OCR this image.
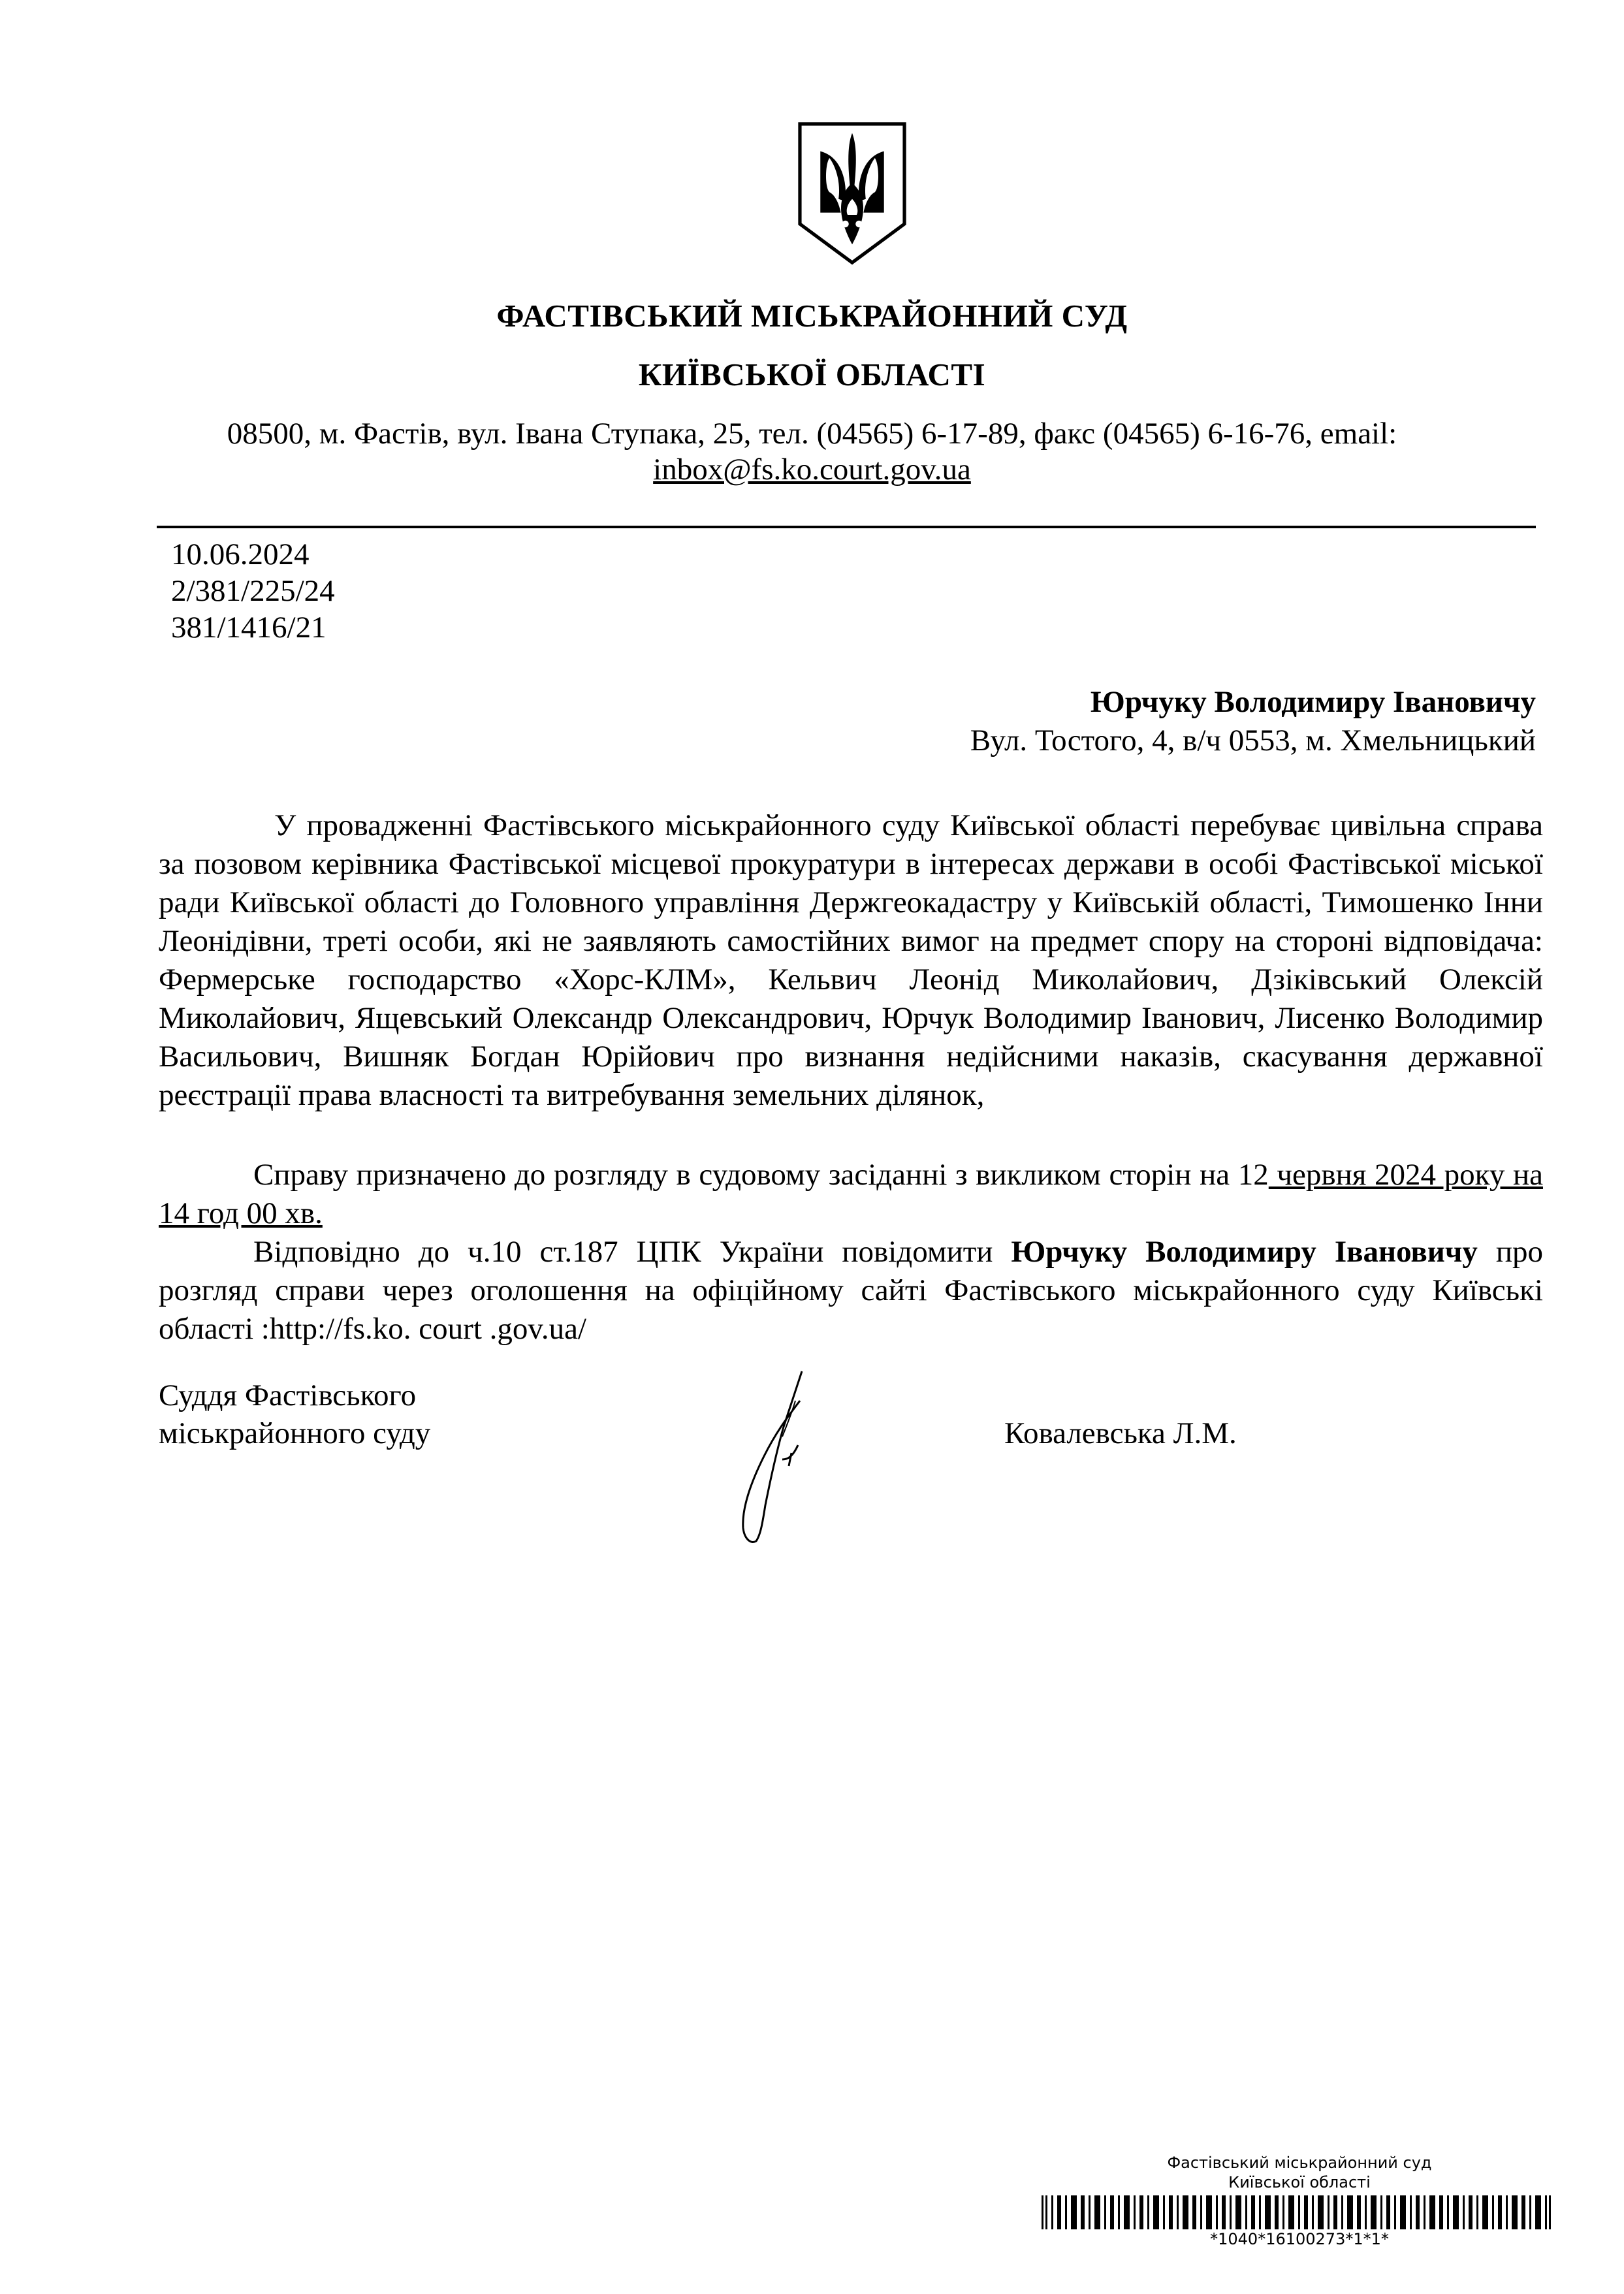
ФАСТІВСЬКИЙ МІСЬКРАЙОННИЙ СУД
КИЇВСЬКОЇ ОБЛАСТІ
08500, м. Фастів, вул. Івана Ступака, 25, тел. (04565) 6-17-89, факс (04565) 6-16-76, email:
inbox@fs.ko.court.gov.ua
10.06.2024
2/381/225/24
381/1416/21
Юрчуку Володимиру Івановичу
Вул. Тостого, 4, в/ч 0553, м. Хмельницький
У провадженні Фастівського міськрайонного суду Київської області перебуває цивільна справа за позовом керівника Фастівської місцевої прокуратури в інтересах держави в особі Фастівської міської ради Київської області до Головного управління Держгеокадастру у Київській області, Тимошенко Інни Леонідівни, треті особи, які не заявляють самостійних вимог на предмет спору на стороні відповідача: Фермерське господарство «Хорс-КЛМ», Кельвич Леонід Миколайович, Дзіківський Олексій Миколайович, Ящевський Олександр Олександрович, Юрчук Володимир Іванович, Лисенко Володимир Васильович, Вишняк Богдан Юрійович про визнання недійсними наказів, скасування державної реєстрації права власності та витребування земельних ділянок,
Справу призначено до розгляду в судовому засіданні з викликом сторін на 12 червня 2024 року на 14 год 00 хв.
Відповідно до ч.10 ст.187 ЦПК України повідомити Юрчуку Володимиру Івановичу про розгляд справи через оголошення на офіційному сайті Фастівського міськрайонного суду Київські області :http://fs.ko. court .gov.ua/
Суддя Фастівського
міськрайонного суду	Ковалевська Л.М.
Фастівський міськрайонний суд
Київської області
*1040*16100273*1*1*
